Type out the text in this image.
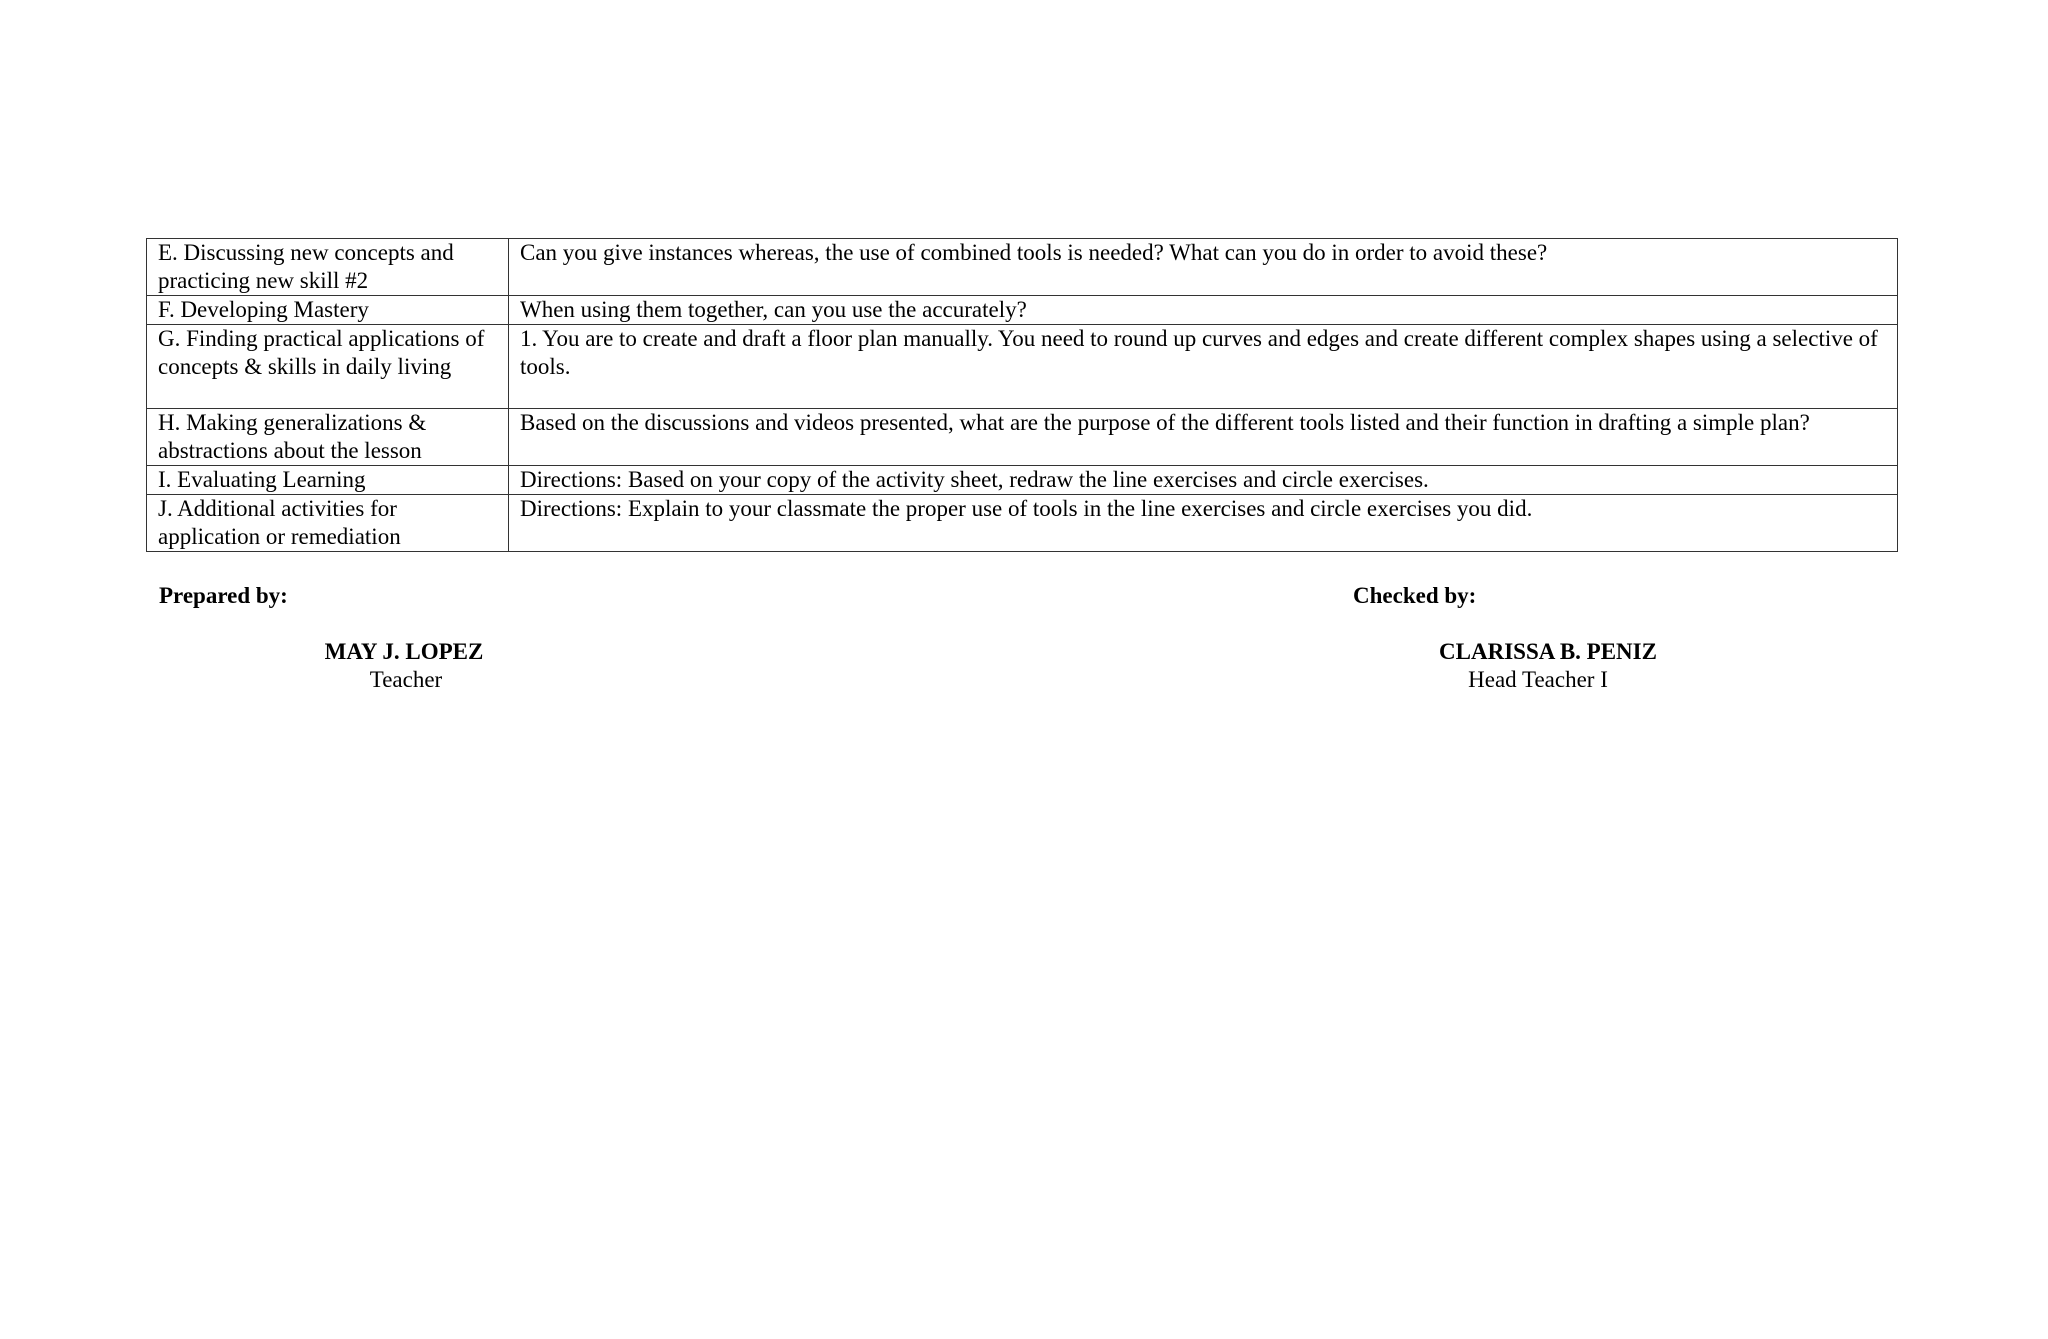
E. Discussing new concepts and practicing new skill #2	Can you give instances whereas, the use of combined tools is needed? What can you do in order to avoid these?
F. Developing Mastery	When using them together, can you use the accurately?
G. Finding practical applications of concepts & skills in daily living	1. You are to create and draft a floor plan manually. You need to round up curves and edges and create different complex shapes using a selective of tools.
H. Making generalizations & abstractions about the lesson	Based on the discussions and videos presented, what are the purpose of the different tools listed and their function in drafting a simple plan?
I. Evaluating Learning	Directions: Based on your copy of the activity sheet, redraw the line exercises and circle exercises.
J. Additional activities for application or remediation	Directions: Explain to your classmate the proper use of tools in the line exercises and circle exercises you did.
Prepared by:
MAY J. LOPEZ
Teacher
Checked by:
CLARISSA B. PENIZ
Head Teacher I
